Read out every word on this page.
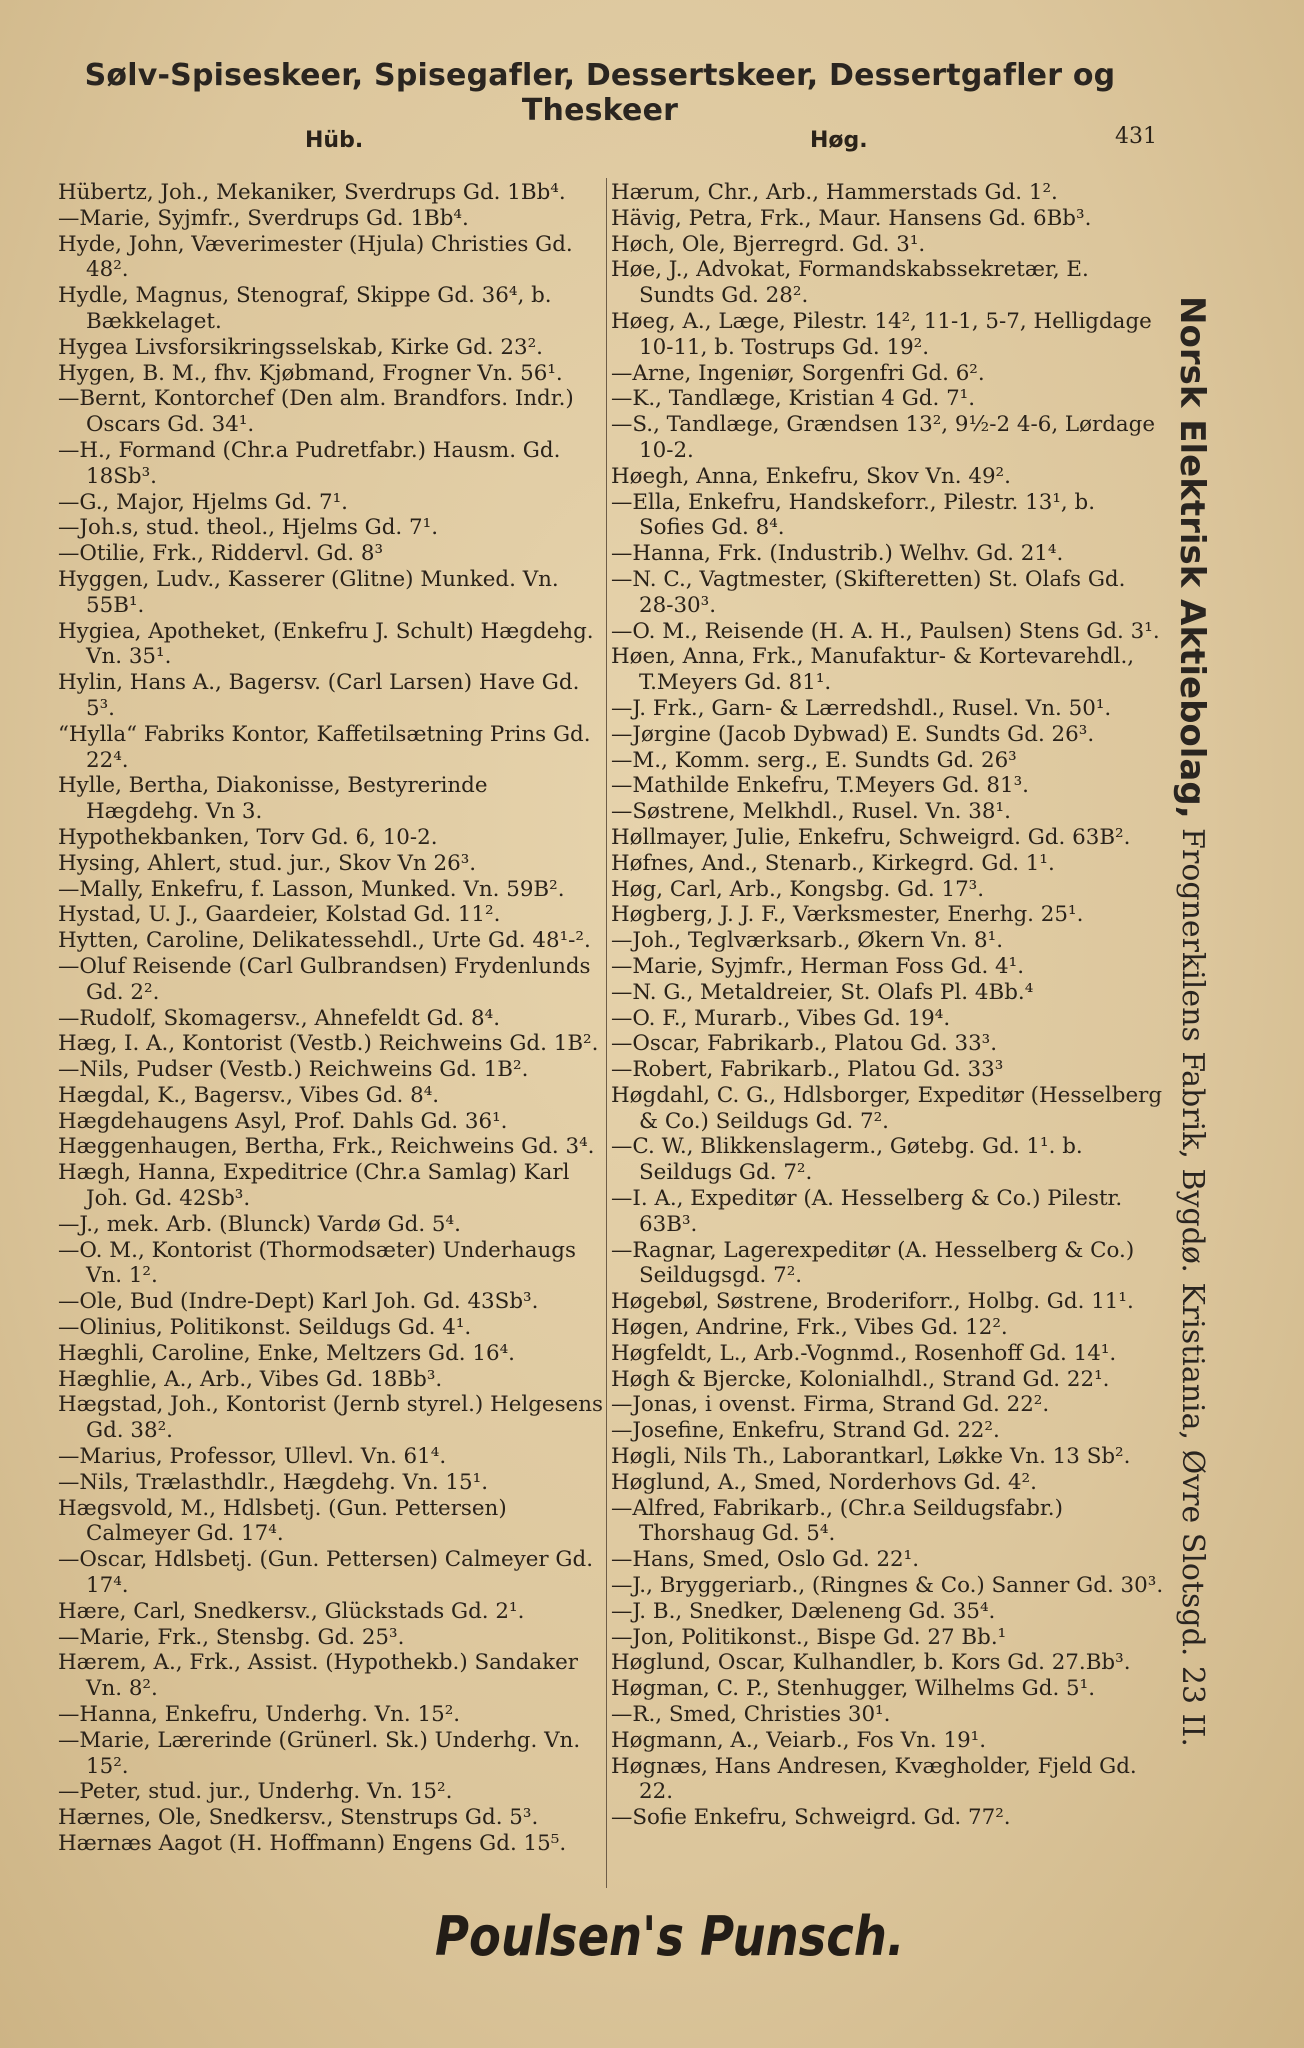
Sølv-Spiseskeer, Spisegafler, Dessertskeer, Dessertgafler og Theskeer
Hüb.	Høg.	431

Hübertz, Joh., Mekaniker, Sverdrups Gd. 1Bb⁴.

—Marie, Syjmfr., Sverdrups Gd. 1Bb⁴.

Hyde, John, Væverimester (Hjula) Christies Gd. 48².

Hydle, Magnus, Stenograf, Skippe Gd. 36⁴, b. Bækkelaget.

Hygea Livsforsikringsselskab, Kirke Gd. 23².

Hygen, B. M., fhv. Kjøbmand, Frogner Vn. 56¹.

—Bernt, Kontorchef (Den alm. Brandfors. Indr.) Oscars Gd. 34¹.

—H., Formand (Chr.a Pudretfabr.) Hausm. Gd. 18Sb³.

—G., Major, Hjelms Gd. 7¹.

—Joh.s, stud. theol., Hjelms Gd. 7¹.

—Otilie, Frk., Riddervl. Gd. 8³

Hyggen, Ludv., Kasserer (Glitne) Munked. Vn. 55B¹.

Hygiea, Apotheket, (Enkefru J. Schult) Hægdehg. Vn. 35¹.

Hylin, Hans A., Bagersv. (Carl Larsen) Have Gd. 5³.

“Hylla“ Fabriks Kontor, Kaffetilsætning Prins Gd. 22⁴.

Hylle, Bertha, Diakonisse, Bestyrerinde Hægdehg. Vn 3.

Hypothekbanken, Torv Gd. 6, 10-2.

Hysing, Ahlert, stud. jur., Skov Vn 26³.

—Mally, Enkefru, f. Lasson, Munked. Vn. 59B².

Hystad, U. J., Gaardeier, Kolstad Gd. 11².

Hytten, Caroline, Delikatessehdl., Urte Gd. 48¹-².

—Oluf Reisende (Carl Gulbrandsen) Frydenlunds Gd. 2².

—Rudolf, Skomagersv., Ahnefeldt Gd. 8⁴.

Hæg, I. A., Kontorist (Vestb.) Reichweins Gd. 1B².

—Nils, Pudser (Vestb.) Reichweins Gd. 1B².

Hægdal, K., Bagersv., Vibes Gd. 8⁴.

Hægdehaugens Asyl, Prof. Dahls Gd. 36¹.

Hæggenhaugen, Bertha, Frk., Reichweins Gd. 3⁴.

Hægh, Hanna, Expeditrice (Chr.a Samlag) Karl Joh. Gd. 42Sb³.

—J., mek. Arb. (Blunck) Vardø Gd. 5⁴.

—O. M., Kontorist (Thormodsæter) Underhaugs Vn. 1².

—Ole, Bud (Indre-Dept) Karl Joh. Gd. 43Sb³.

—Olinius, Politikonst. Seildugs Gd. 4¹.

Hæghli, Caroline, Enke, Meltzers Gd. 16⁴.

Hæghlie, A., Arb., Vibes Gd. 18Bb³.

Hægstad, Joh., Kontorist (Jernb styrel.) Helgesens Gd. 38².

—Marius, Professor, Ullevl. Vn. 61⁴.

—Nils, Trælasthdlr., Hægdehg. Vn. 15¹.

Hægsvold, M., Hdlsbetj. (Gun. Pettersen) Calmeyer Gd. 17⁴.

—Oscar, Hdlsbetj. (Gun. Pettersen) Calmeyer Gd. 17⁴.

Hære, Carl, Snedkersv., Glückstads Gd. 2¹.

—Marie, Frk., Stensbg. Gd. 25³.

Hærem, A., Frk., Assist. (Hypothekb.) Sandaker Vn. 8².

—Hanna, Enkefru, Underhg. Vn. 15².

—Marie, Lærerinde (Grünerl. Sk.) Underhg. Vn. 15².

—Peter, stud. jur., Underhg. Vn. 15².

Hærnes, Ole, Snedkersv., Stenstrups Gd. 5³.

Hærnæs Aagot (H. Hoffmann) Engens Gd. 15⁵.

Hærum, Chr., Arb., Hammerstads Gd. 1².

Hävig, Petra, Frk., Maur. Hansens Gd. 6Bb³.

Høch, Ole, Bjerregrd. Gd. 3¹.

Høe, J., Advokat, Formandskabssekretær, E. Sundts Gd. 28².

Høeg, A., Læge, Pilestr. 14², 11-1, 5-7, Helligdage 10-11, b. Tostrups Gd. 19².

—Arne, Ingeniør, Sorgenfri Gd. 6².

—K., Tandlæge, Kristian 4 Gd. 7¹.

—S., Tandlæge, Grændsen 13², 9½-2 4-6, Lørdage 10-2.

Høegh, Anna, Enkefru, Skov Vn. 49².

—Ella, Enkefru, Handskeforr., Pilestr. 13¹, b. Sofies Gd. 8⁴.

—Hanna, Frk. (Industrib.) Welhv. Gd. 21⁴.

—N. C., Vagtmester, (Skifteretten) St. Olafs Gd. 28-30³.

—O. M., Reisende (H. A. H., Paulsen) Stens Gd. 3¹.

Høen, Anna, Frk., Manufaktur- & Kortevarehdl., T.Meyers Gd. 81¹.

—J. Frk., Garn- & Lærredshdl., Rusel. Vn. 50¹.

—Jørgine (Jacob Dybwad) E. Sundts Gd. 26³.

—M., Komm. serg., E. Sundts Gd. 26³

—Mathilde Enkefru, T.Meyers Gd. 81³.

—Søstrene, Melkhdl., Rusel. Vn. 38¹.

Høllmayer, Julie, Enkefru, Schweigrd. Gd. 63B².

Høfnes, And., Stenarb., Kirkegrd. Gd. 1¹.

Høg, Carl, Arb., Kongsbg. Gd. 17³.

Høgberg, J. J. F., Værksmester, Enerhg. 25¹.

—Joh., Teglværksarb., Økern Vn. 8¹.

—Marie, Syjmfr., Herman Foss Gd. 4¹.

—N. G., Metaldreier, St. Olafs Pl. 4Bb.⁴

—O. F., Murarb., Vibes Gd. 19⁴.

—Oscar, Fabrikarb., Platou Gd. 33³.

—Robert, Fabrikarb., Platou Gd. 33³

Høgdahl, C. G., Hdlsborger, Expeditør (Hesselberg & Co.) Seildugs Gd. 7².

—C. W., Blikkenslagerm., Gøtebg. Gd. 1¹. b. Seildugs Gd. 7².

—I. A., Expeditør (A. Hesselberg & Co.) Pilestr. 63B³.

—Ragnar, Lagerexpeditør (A. Hesselberg & Co.) Seildugsgd. 7².

Høgebøl, Søstrene, Broderiforr., Holbg. Gd. 11¹.

Høgen, Andrine, Frk., Vibes Gd. 12².

Høgfeldt, L., Arb.-Vognmd., Rosenhoff Gd. 14¹.

Høgh & Bjercke, Kolonialhdl., Strand Gd. 22¹.

—Jonas, i ovenst. Firma, Strand Gd. 22².

—Josefine, Enkefru, Strand Gd. 22².

Høgli, Nils Th., Laborantkarl, Løkke Vn. 13 Sb².

Høglund, A., Smed, Norderhovs Gd. 4².

—Alfred, Fabrikarb., (Chr.a Seildugsfabr.) Thorshaug Gd. 5⁴.

—Hans, Smed, Oslo Gd. 22¹.

—J., Bryggeriarb., (Ringnes & Co.) Sanner Gd. 30³.

—J. B., Snedker, Dæleneng Gd. 35⁴.

—Jon, Politikonst., Bispe Gd. 27 Bb.¹

Høglund, Oscar, Kulhandler, b. Kors Gd. 27.Bb³.

Høgman, C. P., Stenhugger, Wilhelms Gd. 5¹.

—R., Smed, Christies 30¹.

Høgmann, A., Veiarb., Fos Vn. 19¹.

Høgnæs, Hans Andresen, Kvægholder, Fjeld Gd. 22.

—Sofie Enkefru, Schweigrd. Gd. 77².

Norsk Elektrisk Aktiebolag, Frognerkilens Fabrik, Bygdø. Kristiania, Øvre Slotsgd. 23 II.
Poulsen's Punsch.
